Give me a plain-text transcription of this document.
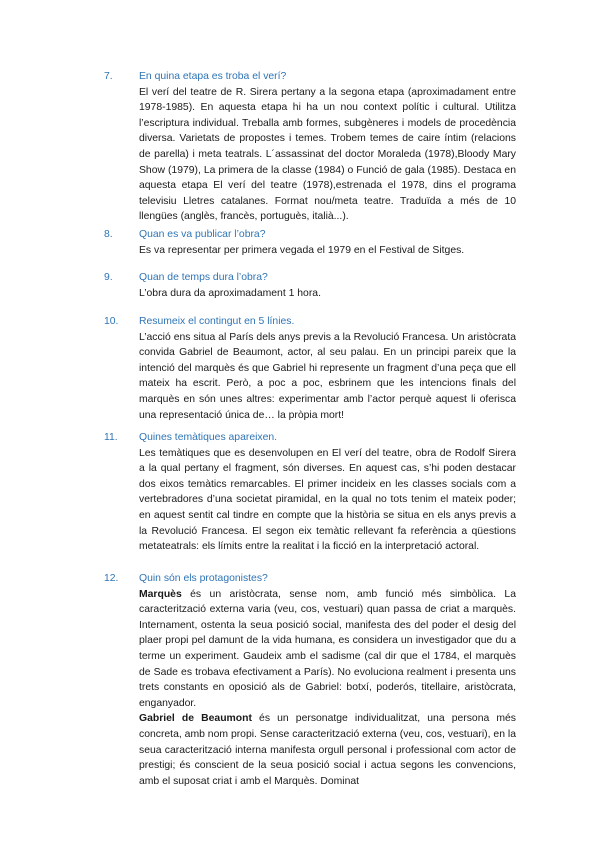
7.	En quina etapa es troba el verí?
El verí del teatre de R. Sirera pertany a la segona etapa (aproximadament entre 1978-1985). En aquesta etapa hi ha un nou context polític i cultural. Utilitza l’escriptura individual. Treballa amb formes, subgèneres i models de procedència diversa. Varietats de propostes i temes. Trobem temes de caire íntim (relacions de parella) i meta teatrals. L´assassinat del doctor Moraleda (1978),Bloody Mary Show (1979), La primera de la classe (1984) o Funció de gala (1985). Destaca en aquesta etapa El verí del teatre (1978),estrenada el 1978, dins el programa televisiu Lletres catalanes. Format nou/meta teatre. Traduïda a més de 10 llengües (anglès, francès, portuguès, italià...).
8.	Quan es va publicar l’obra?
Es va representar per primera vegada el 1979 en el Festival de Sitges.
9.	Quan de temps dura l’obra?
L’obra dura da aproximadament 1 hora.
10. Resumeix el contingut en 5 línies.
L’acció ens situa al París dels anys previs a la Revolució Francesa. Un aristòcrata convida Gabriel de Beaumont, actor, al seu palau. En un principi pareix que la intenció del marquès és que Gabriel hi represente un fragment d’una peça que ell mateix ha escrit. Però, a poc a poc, esbrinem que les intencions finals del marquès en són unes altres: experimentar amb l’actor perquè aquest li oferisca una representació única de… la pròpia mort!
11. Quines temàtiques apareixen.
Les temàtiques que es desenvolupen en El verí del teatre, obra de Rodolf Sirera a la qual pertany el fragment, són diverses. En aquest cas, s’hi poden destacar dos eixos temàtics remarcables. El primer incideix en les classes socials com a vertebradores d’una societat piramidal, en la qual no tots tenim el mateix poder; en aquest sentit cal tindre en compte que la història se situa en els anys previs a la Revolució Francesa. El segon eix temàtic rellevant fa referència a qüestions metateatrals: els límits entre la realitat i la ficció en la interpretació actoral.
12. Quin són els protagonistes?

Marquès és un aristòcrata, sense nom, amb funció més simbòlica. La caracterització externa varia (veu, cos, vestuari) quan passa de criat a marquès. Internament, ostenta la seua posició social, manifesta des del poder el desig del plaer propi pel damunt de la vida humana, es considera un investigador que du a terme un experiment. Gaudeix amb el sadisme (cal dir que el 1784, el marquès de Sade es trobava efectivament a París). No evoluciona realment i presenta uns trets constants en oposició als de Gabriel: botxí, poderós, titellaire, aristòcrata, enganyador.

Gabriel de Beaumont és un personatge individualitzat, una persona més concreta, amb nom propi. Sense caracterització externa (veu, cos, vestuari), en la seua caracterització interna manifesta orgull personal i professional com actor de prestigi; és conscient de la seua posició social i actua segons les convencions, amb el suposat criat i amb el Marquès. Dominat
